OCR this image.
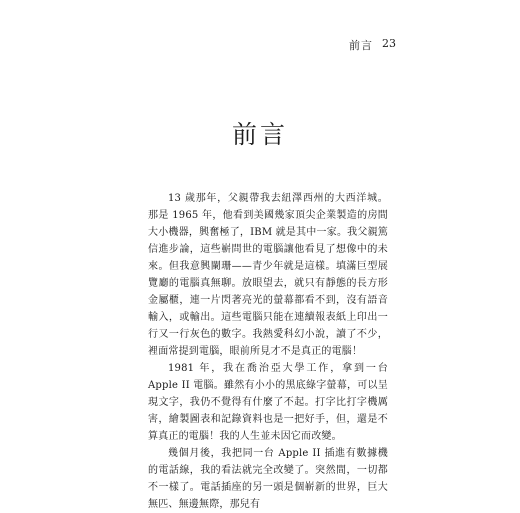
前言 23
前言

13 歲那年，父親帶我去紐澤西州的大西洋城。那是 1965 年，他看到美國幾家頂尖企業製造的房間大小機器，興奮極了，IBM 就是其中一家。我父親篤信進步論，這些嶄問世的電腦讓他看見了想像中的未來。但我意興闌珊——青少年就是這樣。填滿巨型展覽廳的電腦真無聊。放眼望去，就只有靜態的長方形金屬櫃，連一片閃著亮光的螢幕都看不到，沒有語音輸入，或輸出。這些電腦只能在連續報表紙上印出一行又一行灰色的數字。我熱愛科幻小說，讀了不少，裡面常提到電腦，眼前所見才不是真正的電腦！

1981 年，我在喬治亞大學工作，拿到一台 Apple II 電腦。雖然有小小的黑底綠字螢幕，可以呈現文字，我仍不覺得有什麼了不起。打字比打字機厲害，繪製圖表和記錄資料也是一把好手，但，還是不算真正的電腦！我的人生並未因它而改變。

幾個月後，我把同一台 Apple II 插進有數據機的電話線，我的看法就完全改變了。突然間，一切都不一樣了。電話插座的另一頭是個嶄新的世界，巨大無匹、無邊無際，那兒有
